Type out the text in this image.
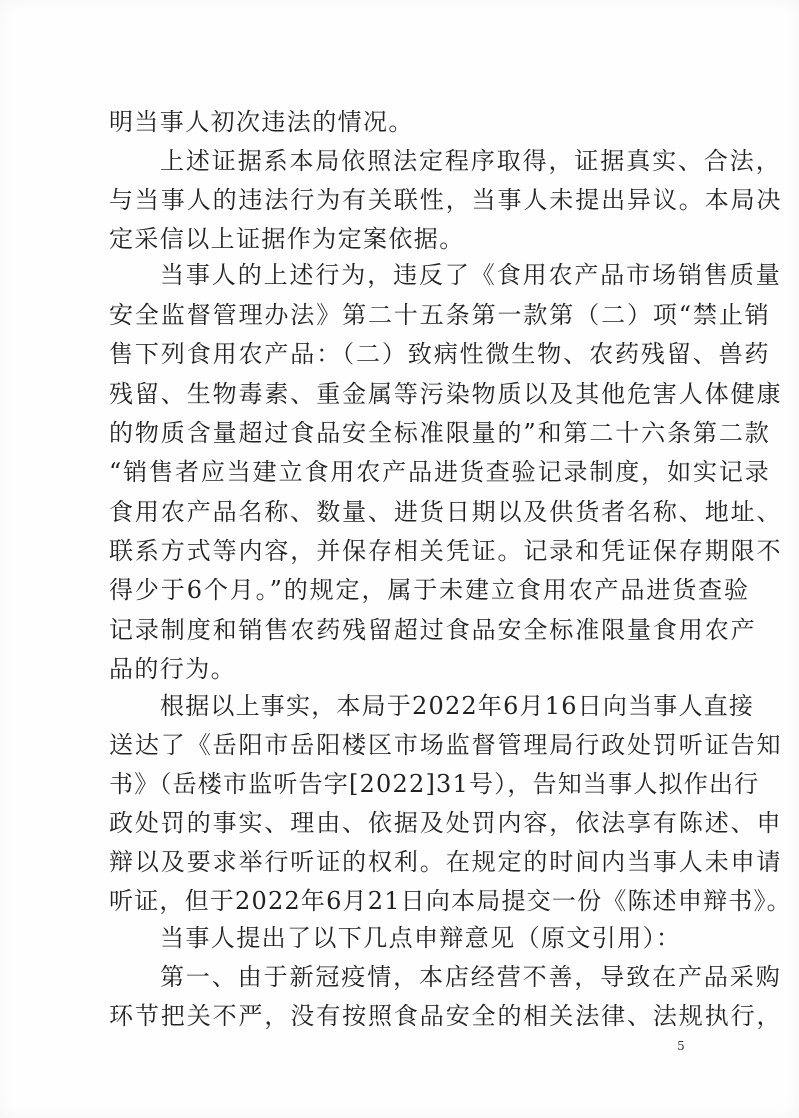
明当事人初次违法的情况。
上述证据系本局依照法定程序取得，证据真实、合法，
与当事人的违法行为有关联性，当事人未提出异议。本局决
定采信以上证据作为定案依据。
当事人的上述行为，违反了《食用农产品市场销售质量
安全监督管理办法》第二十五条第一款第（二）项“禁止销
售下列食用农产品：（二）致病性微生物、农药残留、兽药
残留、生物毒素、重金属等污染物质以及其他危害人体健康
的物质含量超过食品安全标准限量的”和第二十六条第二款
“销售者应当建立食用农产品进货查验记录制度，如实记录
食用农产品名称、数量、进货日期以及供货者名称、地址、
联系方式等内容，并保存相关凭证。记录和凭证保存期限不
得少于6个月。”的规定，属于未建立食用农产品进货查验
记录制度和销售农药残留超过食品安全标准限量食用农产
品的行为。
根据以上事实，本局于2022年6月16日向当事人直接
送达了《岳阳市岳阳楼区市场监督管理局行政处罚听证告知
书》（岳楼市监听告字[2022]31号），告知当事人拟作出行
政处罚的事实、理由、依据及处罚内容，依法享有陈述、申
辩以及要求举行听证的权利。在规定的时间内当事人未申请
听证，但于2022年6月21日向本局提交一份《陈述申辩书》。
当事人提出了以下几点申辩意见（原文引用）：
第一、由于新冠疫情，本店经营不善，导致在产品采购
环节把关不严，没有按照食品安全的相关法律、法规执行，
5
